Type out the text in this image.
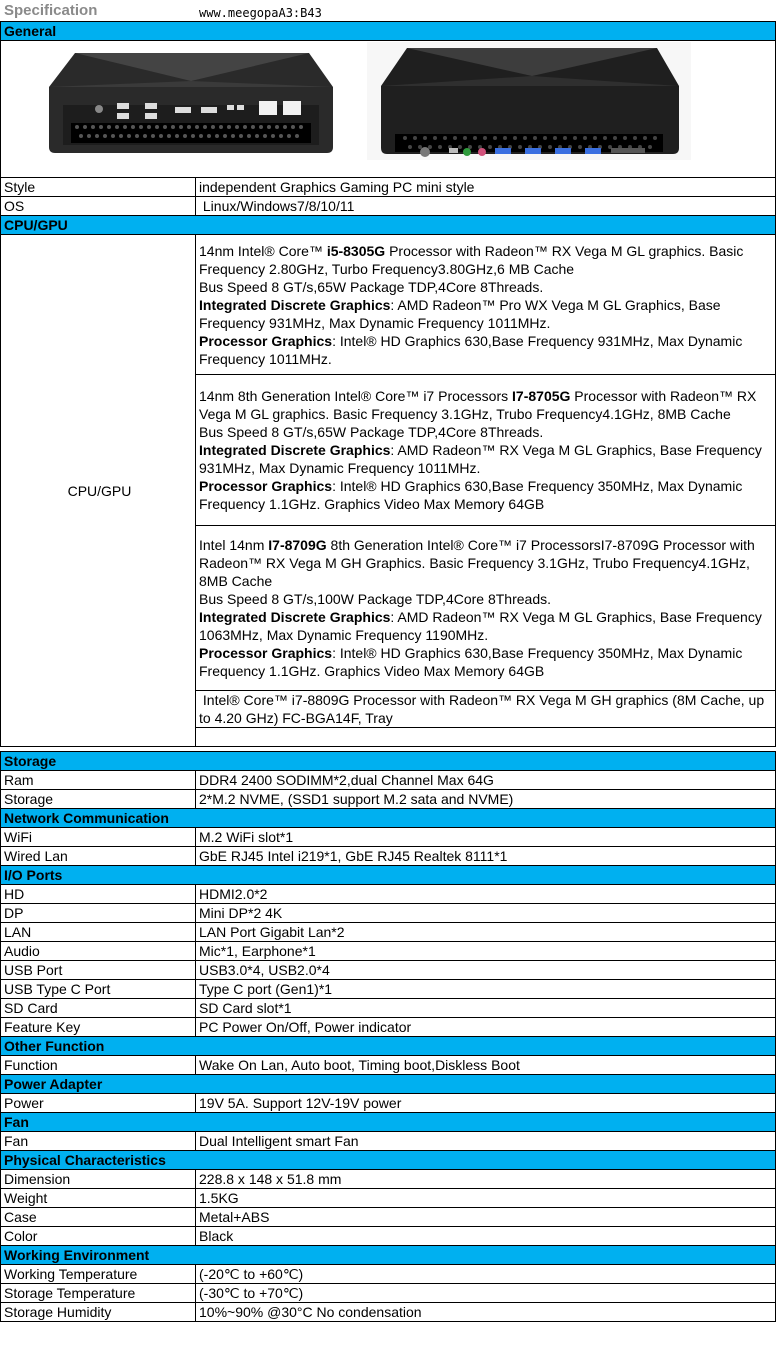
Specification	www.meegopaA3:B43
General	

Style	independent Graphics Gaming PC mini style
OS	Linux/Windows7/8/10/11
CPU/GPU	
CPU/GPU	14nm Intel® Core™ i5-8305G Processor with Radeon™ RX Vega M GL graphics. Basic Frequency 2.80GHz, Turbo Frequency3.80GHz,6 MB Cache
Bus Speed 8 GT/s,65W Package TDP,4Core 8Threads.
Integrated Discrete Graphics: AMD Radeon™ Pro WX Vega M GL Graphics, Base Frequency 931MHz, Max Dynamic Frequency 1011MHz.
Processor Graphics: Intel® HD Graphics 630,Base Frequency 931MHz, Max Dynamic Frequency 1011MHz.
	14nm 8th Generation Intel® Core™ i7 Processors I7-8705G Processor with Radeon™ RX Vega M GL graphics. Basic Frequency 3.1GHz, Trubo Frequency4.1GHz, 8MB Cache
Bus Speed 8 GT/s,65W Package TDP,4Core 8Threads.
Integrated Discrete Graphics: AMD Radeon™ RX Vega M GL Graphics, Base Frequency 931MHz, Max Dynamic Frequency 1011MHz.
Processor Graphics: Intel® HD Graphics 630,Base Frequency 350MHz, Max Dynamic Frequency 1.1GHz. Graphics Video Max Memory 64GB
	Intel 14nm I7-8709G 8th Generation Intel® Core™ i7 ProcessorsI7-8709G Processor with Radeon™ RX Vega M GH Graphics. Basic Frequency 3.1GHz, Trubo Frequency4.1GHz, 8MB Cache
Bus Speed 8 GT/s,100W Package TDP,4Core 8Threads.
Integrated Discrete Graphics: AMD Radeon™ RX Vega M GL Graphics, Base Frequency 1063MHz, Max Dynamic Frequency 1190MHz.
Processor Graphics: Intel® HD Graphics 630,Base Frequency 350MHz, Max Dynamic Frequency 1.1GHz. Graphics Video Max Memory 64GB
	Intel® Core™ i7-8809G Processor with Radeon™ RX Vega M GH graphics (8M Cache, up to 4.20 GHz) FC-BGA14F, Tray

Storage	
Ram	DDR4 2400 SODIMM*2,dual Channel Max 64G
Storage	2*M.2 NVME, (SSD1 support M.2 sata and NVME)
Network Communication	
WiFi	M.2 WiFi slot*1
Wired Lan	GbE RJ45 Intel i219*1, GbE RJ45 Realtek 8111*1
I/O Ports	
HD	HDMI2.0*2
DP	Mini DP*2 4K
LAN	LAN Port Gigabit Lan*2
Audio	Mic*1, Earphone*1
USB Port	USB3.0*4, USB2.0*4
USB Type C Port	Type C port (Gen1)*1
SD Card	SD Card slot*1
Feature Key	PC Power On/Off, Power indicator
Other Function	
Function	Wake On Lan, Auto boot, Timing boot,Diskless Boot
Power Adapter	
Power	19V 5A. Support 12V-19V power
Fan	
Fan	Dual Intelligent smart Fan
Physical Characteristics	
Dimension	228.8 x 148 x 51.8 mm
Weight	1.5KG
Case	Metal+ABS
Color	Black
Working Environment	
Working Temperature	(-20℃ to +60℃)
Storage Temperature	(-30℃ to +70℃)
Storage Humidity	10%~90% @30°C No condensation
